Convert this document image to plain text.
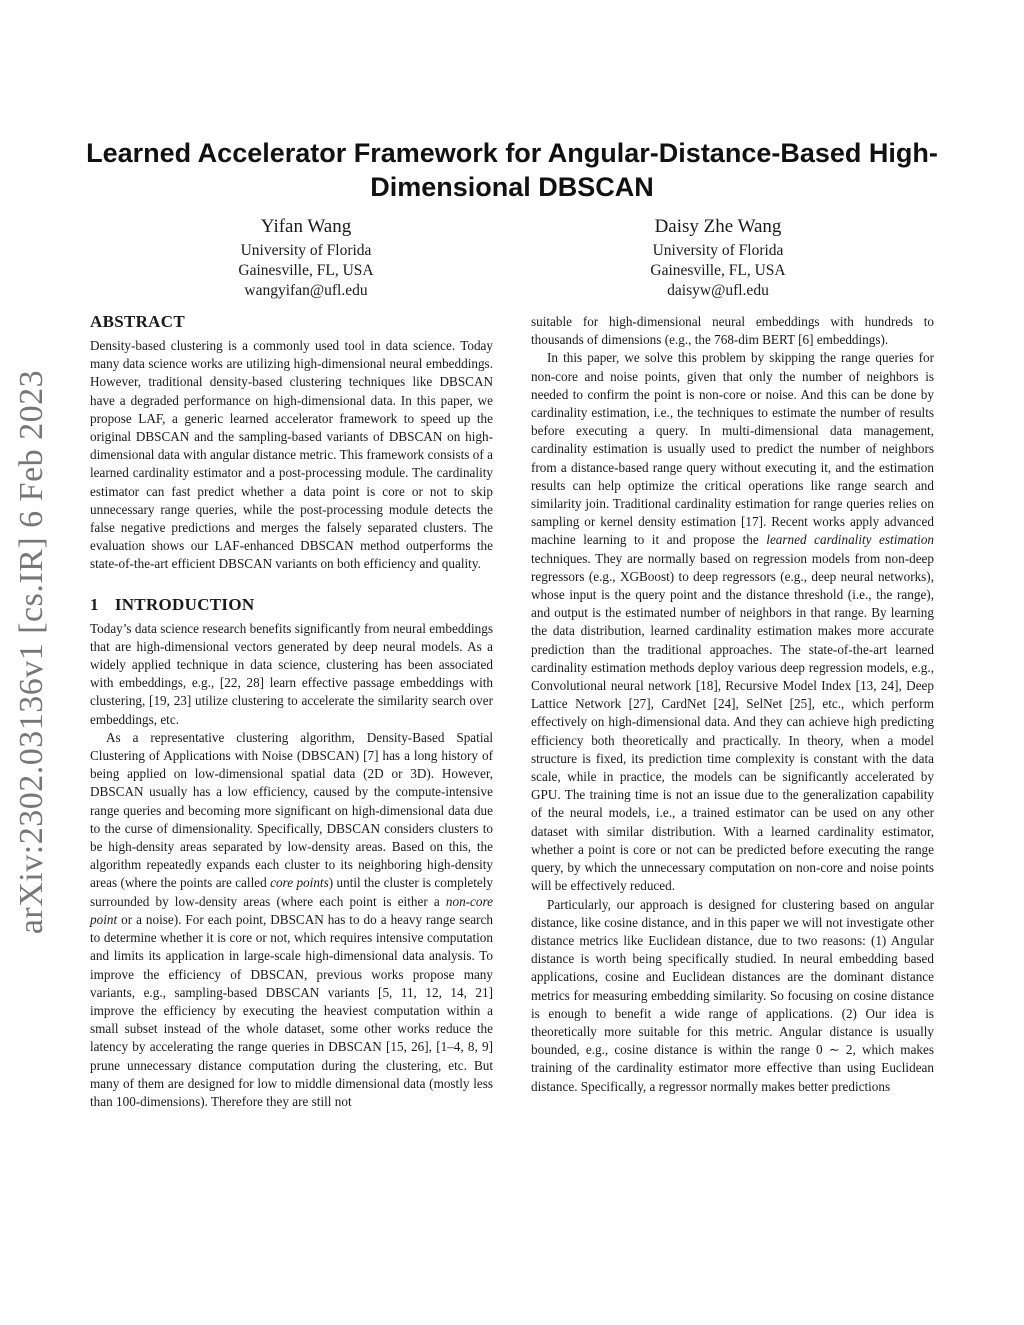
arXiv:2302.03136v1 [cs.IR] 6 Feb 2023
Learned Accelerator Framework for Angular-Distance-Based High-Dimensional DBSCAN
Yifan Wang
University of Florida
Gainesville, FL, USA
wangyifan@ufl.edu
Daisy Zhe Wang
University of Florida
Gainesville, FL, USA
daisyw@ufl.edu
ABSTRACT

Density-based clustering is a commonly used tool in data science. Today many data science works are utilizing high-dimensional neural embeddings. However, traditional density-based clustering techniques like DBSCAN have a degraded performance on high-dimensional data. In this paper, we propose LAF, a generic learned accelerator framework to speed up the original DBSCAN and the sampling-based variants of DBSCAN on high-dimensional data with angular distance metric. This framework consists of a learned cardinality estimator and a post-processing module. The cardinality estimator can fast predict whether a data point is core or not to skip unnecessary range queries, while the post-processing module detects the false negative predictions and merges the falsely separated clusters. The evaluation shows our LAF-enhanced DBSCAN method outperforms the state-of-the-art efficient DBSCAN variants on both efficiency and quality.

1 INTRODUCTION

Today’s data science research benefits significantly from neural embeddings that are high-dimensional vectors generated by deep neural models. As a widely applied technique in data science, clustering has been associated with embeddings, e.g., [22, 28] learn effective passage embeddings with clustering, [19, 23] utilize clustering to accelerate the similarity search over embeddings, etc.

As a representative clustering algorithm, Density-Based Spatial Clustering of Applications with Noise (DBSCAN) [7] has a long history of being applied on low-dimensional spatial data (2D or 3D). However, DBSCAN usually has a low efficiency, caused by the compute-intensive range queries and becoming more significant on high-dimensional data due to the curse of dimensionality. Specifically, DBSCAN considers clusters to be high-density areas separated by low-density areas. Based on this, the algorithm repeatedly expands each cluster to its neighboring high-density areas (where the points are called core points) until the cluster is completely surrounded by low-density areas (where each point is either a non-core point or a noise). For each point, DBSCAN has to do a heavy range search to determine whether it is core or not, which requires intensive computation and limits its application in large-scale high-dimensional data analysis. To improve the efficiency of DBSCAN, previous works propose many variants, e.g., sampling-based DBSCAN variants [5, 11, 12, 14, 21] improve the efficiency by executing the heaviest computation within a small subset instead of the whole dataset, some other works reduce the latency by accelerating the range queries in DBSCAN [15, 26], [1–4, 8, 9] prune unnecessary distance computation during the clustering, etc. But many of them are designed for low to middle dimensional data (mostly less than 100-dimensions). Therefore they are still not

suitable for high-dimensional neural embeddings with hundreds to thousands of dimensions (e.g., the 768-dim BERT [6] embeddings).

In this paper, we solve this problem by skipping the range queries for non-core and noise points, given that only the number of neighbors is needed to confirm the point is non-core or noise. And this can be done by cardinality estimation, i.e., the techniques to estimate the number of results before executing a query. In multi-dimensional data management, cardinality estimation is usually used to predict the number of neighbors from a distance-based range query without executing it, and the estimation results can help optimize the critical operations like range search and similarity join. Traditional cardinality estimation for range queries relies on sampling or kernel density estimation [17]. Recent works apply advanced machine learning to it and propose the learned cardinality estimation techniques. They are normally based on regression models from non-deep regressors (e.g., XGBoost) to deep regressors (e.g., deep neural networks), whose input is the query point and the distance threshold (i.e., the range), and output is the estimated number of neighbors in that range. By learning the data distribution, learned cardinality estimation makes more accurate prediction than the traditional approaches. The state-of-the-art learned cardinality estimation methods deploy various deep regression models, e.g., Convolutional neural network [18], Recursive Model Index [13, 24], Deep Lattice Network [27], CardNet [24], SelNet [25], etc., which perform effectively on high-dimensional data. And they can achieve high predicting efficiency both theoretically and practically. In theory, when a model structure is fixed, its prediction time complexity is constant with the data scale, while in practice, the models can be significantly accelerated by GPU. The training time is not an issue due to the generalization capability of the neural models, i.e., a trained estimator can be used on any other dataset with similar distribution. With a learned cardinality estimator, whether a point is core or not can be predicted before executing the range query, by which the unnecessary computation on non-core and noise points will be effectively reduced.

Particularly, our approach is designed for clustering based on angular distance, like cosine distance, and in this paper we will not investigate other distance metrics like Euclidean distance, due to two reasons: (1) Angular distance is worth being specifically studied. In neural embedding based applications, cosine and Euclidean distances are the dominant distance metrics for measuring embedding similarity. So focusing on cosine distance is enough to benefit a wide range of applications. (2) Our idea is theoretically more suitable for this metric. Angular distance is usually bounded, e.g., cosine distance is within the range 0 ∼ 2, which makes training of the cardinality estimator more effective than using Euclidean distance. Specifically, a regressor normally makes better predictions
